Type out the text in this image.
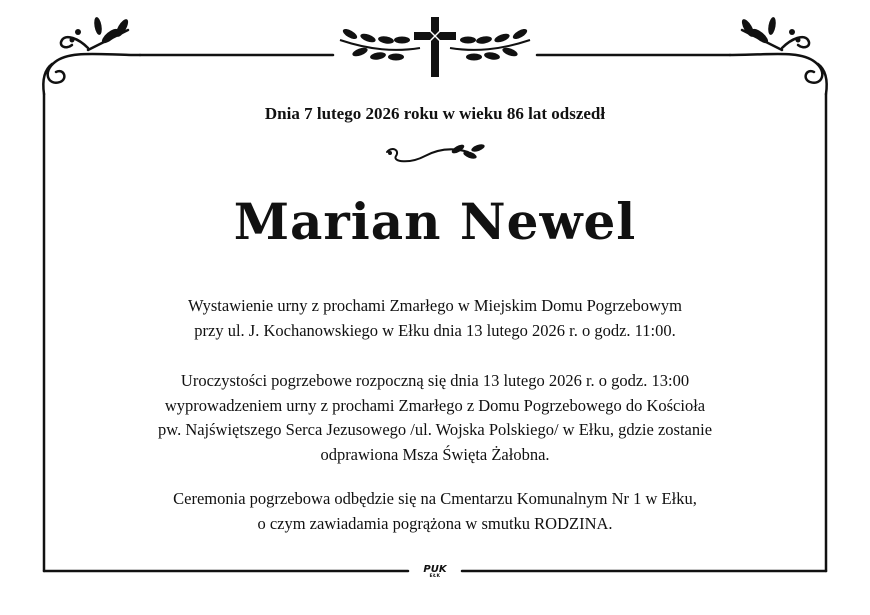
Dnia 7 lutego 2026 roku w wieku 86 lat odszedł

Marian Newel

Wystawienie urny z prochami Zmarłego w Miejskim Domu Pogrzebowym
przy ul. J. Kochanowskiego w Ełku dnia 13 lutego 2026 r. o godz. 11:00.

Uroczystości pogrzebowe rozpoczną się dnia 13 lutego 2026 r. o godz. 13:00
wyprowadzeniem urny z prochami Zmarłego z Domu Pogrzebowego do Kościoła
pw. Najświętszego Serca Jezusowego /ul. Wojska Polskiego/ w Ełku, gdzie zostanie
odprawiona Msza Święta Żałobna.

Ceremonia pogrzebowa odbędzie się na Cmentarzu Komunalnym Nr 1 w Ełku,
o czym zawiadamia pogrążona w smutku RODZINA.

PUK
EŁK
